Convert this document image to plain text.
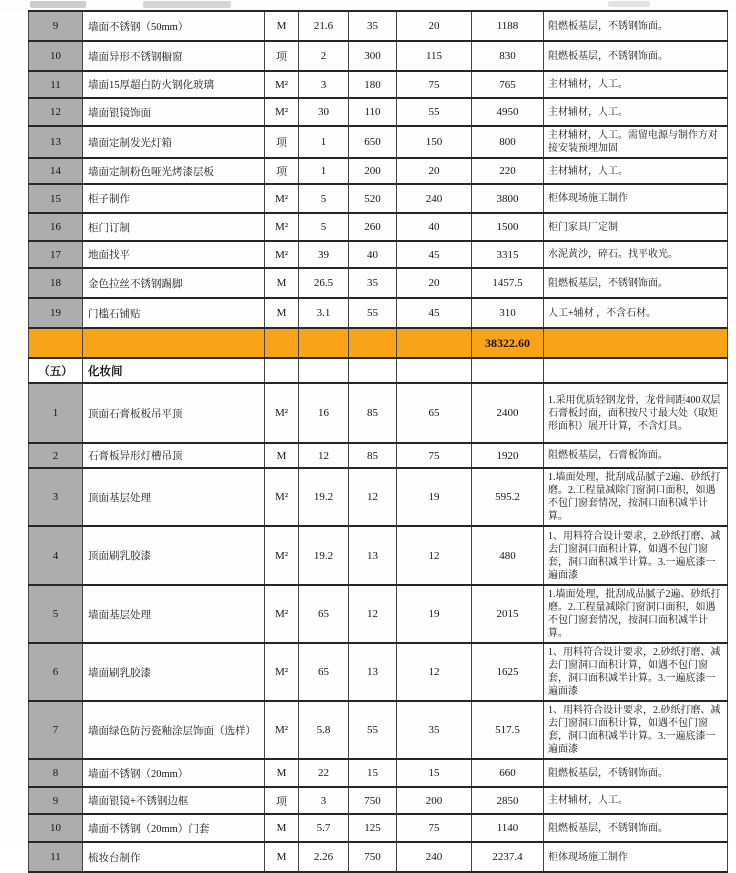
9	墙面不锈钢（50mm）	M	21.6	35	20	1188	阻燃板基层，不锈钢饰面。
10	墙面异形不锈钢橱窗	项	2	300	115	830	阻燃板基层，不锈钢饰面。
11	墙面15厚超白防火钢化玻璃	M²	3	180	75	765	主材辅材，人工。
12	墙面银镜饰面	M²	30	110	55	4950	主材辅材，人工。
13	墙面定制发光灯箱	项	1	650	150	800	主材辅材，人工。需留电源与制作方对接安装预埋加固
14	墙面定制粉色哑光烤漆层板	项	1	200	20	220	主材辅材，人工。
15	柜子制作	M²	5	520	240	3800	柜体现场施工制作
16	柜门订制	M²	5	260	40	1500	柜门家具厂定制
17	地面找平	M²	39	40	45	3315	水泥黄沙，碎石。找平收光。
18	金色拉丝不锈钢踢脚	M	26.5	35	20	1457.5	阻燃板基层，不锈钢饰面。
19	门槛石铺贴	M	3.1	55	45	310	人工+辅材 ，不含石材。
						38322.60	
（五）	化妆间						
1	顶面石膏板板吊平顶	M²	16	85	65	2400	1.采用优质轻钢龙骨，龙骨间距400双层石膏板封面，面积按尺寸最大处（取矩形面积）展开计算，不含灯具。
2	石膏板异形灯槽吊顶	M	12	85	75	1920	阻燃板基层，石膏板饰面。
3	顶面基层处理	M²	19.2	12	19	595.2	1.墙面处理，批刮成品腻子2遍、砂纸打磨。2.工程量减除门窗洞口面积，如遇不包门窗套情况，按洞口面积减半计算。
4	顶面刷乳胶漆	M²	19.2	13	12	480	1、用料符合设计要求，2.砂纸打磨、减去门窗洞口面积计算，如遇不包门窗套，洞口面积减半计算。3.一遍底漆一遍面漆
5	墙面基层处理	M²	65	12	19	2015	1.墙面处理，批刮成品腻子2遍、砂纸打磨。2.工程量减除门窗洞口面积，如遇不包门窗套情况，按洞口面积减半计算。
6	墙面刷乳胶漆	M²	65	13	12	1625	1、用料符合设计要求，2.砂纸打磨、减去门窗洞口面积计算，如遇不包门窗套，洞口面积减半计算。3.一遍底漆一遍面漆
7	墙面绿色防污瓷釉涂层饰面（选样）	M²	5.8	55	35	517.5	1、用料符合设计要求，2.砂纸打磨、减去门窗洞口面积计算，如遇不包门窗套，洞口面积减半计算。3.一遍底漆一遍面漆
8	墙面不锈钢（20mm）	M	22	15	15	660	阻燃板基层，不锈钢饰面。
9	墙面银镜+不锈钢边框	项	3	750	200	2850	主材辅材，人工。
10	墙面不锈钢（20mm）门套	M	5.7	125	75	1140	阻燃板基层，不锈钢饰面。
11	梳妆台制作	M	2.26	750	240	2237.4	柜体现场施工制作
